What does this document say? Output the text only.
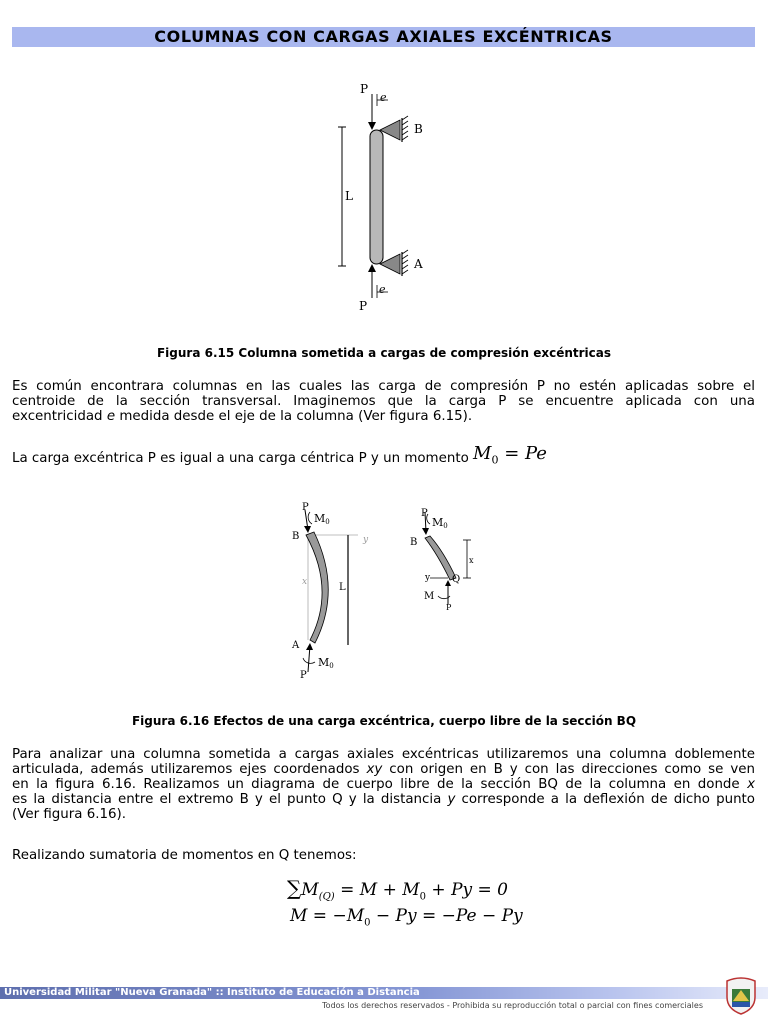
COLUMNAS CON CARGAS AXIALES EXCÉNTRICAS
P
e
B
L
A
e
P
Figura 6.15 Columna sometida a cargas de compresión excéntricas
Es común encontrara columnas en las cuales las carga de compresión P no estén aplicadas sobre el
centroide de la sección transversal. Imaginemos que la carga P se encuentre aplicada con una
excentricidad e medida desde el eje de la columna (Ver figura 6.15).
La carga excéntrica P es igual a una carga céntrica P y un momento $M_0 = Pe$
P
M0
B	y
x	L
A
M0
P
P
M0
B
x
y Q
M
P
Figura 6.16 Efectos de una carga excéntrica, cuerpo libre de la sección BQ
Para analizar una columna sometida a cargas axiales excéntricas utilizaremos una columna doblemente
articulada, además utilizaremos ejes coordenados xy con origen en B y con las direcciones como se ven
en la figura 6.16. Realizamos un diagrama de cuerpo libre de la sección BQ de la columna en donde x
es la distancia entre el extremo B y el punto Q y la distancia y corresponde a la deflexión de dicho punto
(Ver figura 6.16).
Realizando sumatoria de momentos en Q tenemos:
$\sum M_{(Q)} = M + M_0 + Py = 0$
$M = -M_0 - Py = -Pe - Py$
Universidad Militar "Nueva Granada" :: Instituto de Educación a Distancia
Todos los derechos reservados - Prohibida su reproducción total o parcial con fines comerciales
